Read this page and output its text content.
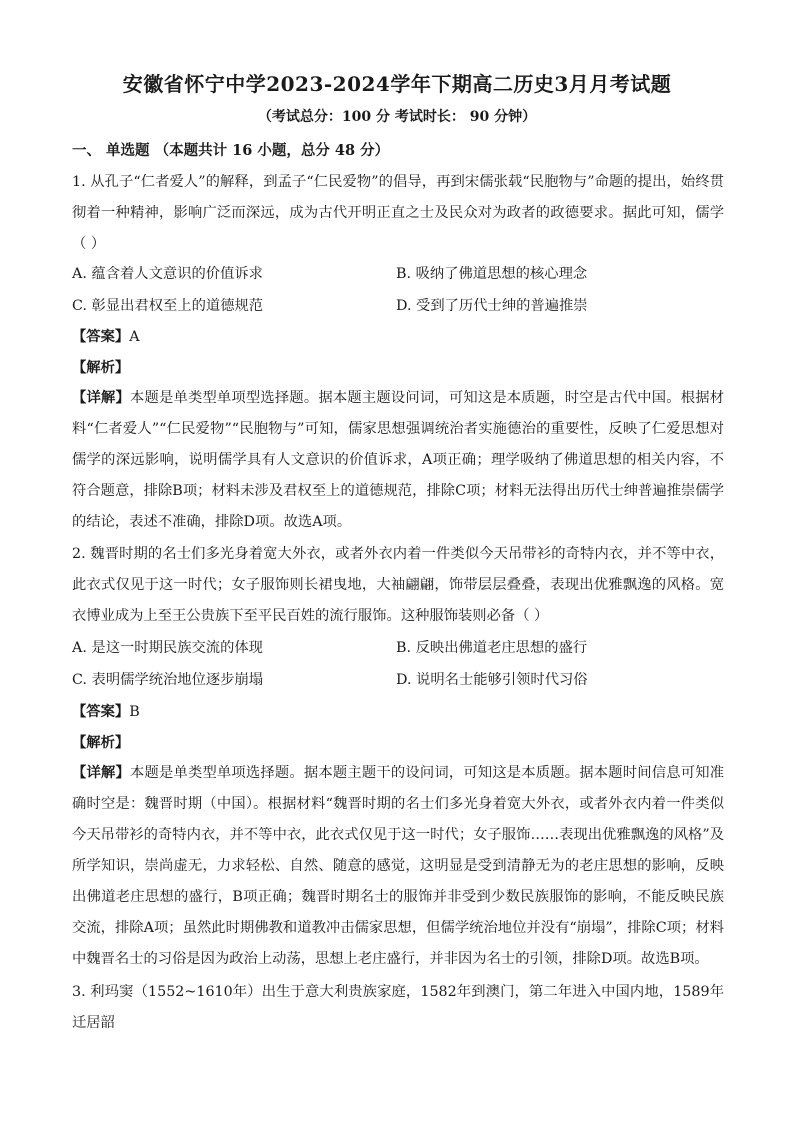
安徽省怀宁中学2023-2024学年下期高二历史3月月考试题
（考试总分：100 分 考试时长： 90 分钟）
一、 单选题 （本题共计 16 小题，总分 48 分）

1. 从孔子“仁者爱人”的解释，到孟子“仁民爱物”的倡导，再到宋儒张载“民胞物与”命题的提出，始终贯彻着一种精神，影响广泛而深远，成为古代开明正直之士及民众对为政者的政德要求。据此可知，儒学（ ）

A. 蕴含着人文意识的价值诉求	B. 吸纳了佛道思想的核心理念
C. 彰显出君权至上的道德规范	D. 受到了历代士绅的普遍推崇
【答案】A
【解析】

【详解】本题是单类型单项型选择题。据本题主题设问词，可知这是本质题，时空是古代中国。根据材料“仁者爱人”“仁民爱物”“民胞物与”可知，儒家思想强调统治者实施德治的重要性，反映了仁爱思想对儒学的深远影响，说明儒学具有人文意识的价值诉求，A项正确；理学吸纳了佛道思想的相关内容，不符合题意，排除B项；材料未涉及君权至上的道德规范，排除C项；材料无法得出历代士绅普遍推崇儒学的结论，表述不准确，排除D项。故选A项。

2. 魏晋时期的名士们多光身着宽大外衣，或者外衣内着一件类似今天吊带衫的奇特内衣，并不等中衣，此衣式仅见于这一时代；女子服饰则长裙曳地，大袖翩翩，饰带层层叠叠，表现出优雅飘逸的风格。宽衣博业成为上至王公贵族下至平民百姓的流行服饰。这种服饰装则必备（ ）

A. 是这一时期民族交流的体现	B. 反映出佛道老庄思想的盛行
C. 表明儒学统治地位逐步崩塌	D. 说明名士能够引领时代习俗
【答案】B
【解析】

【详解】本题是单类型单项选择题。据本题主题干的设问词，可知这是本质题。据本题时间信息可知准确时空是：魏晋时期（中国）。根据材料“魏晋时期的名士们多光身着宽大外衣，或者外衣内着一件类似今天吊带衫的奇特内衣，并不等中衣，此衣式仅见于这一时代；女子服饰……表现出优雅飘逸的风格”及所学知识，崇尚虚无，力求轻松、自然、随意的感觉，这明显是受到清静无为的老庄思想的影响，反映出佛道老庄思想的盛行，B项正确；魏晋时期名士的服饰并非受到少数民族服饰的影响，不能反映民族交流，排除A项；虽然此时期佛教和道教冲击儒家思想，但儒学统治地位并没有“崩塌”，排除C项；材料中魏晋名士的习俗是因为政治上动荡，思想上老庄盛行，并非因为名士的引领，排除D项。故选B项。

3. 利玛窦（1552~1610年）出生于意大利贵族家庭，1582年到澳门，第二年进入中国内地，1589年迁居韶
